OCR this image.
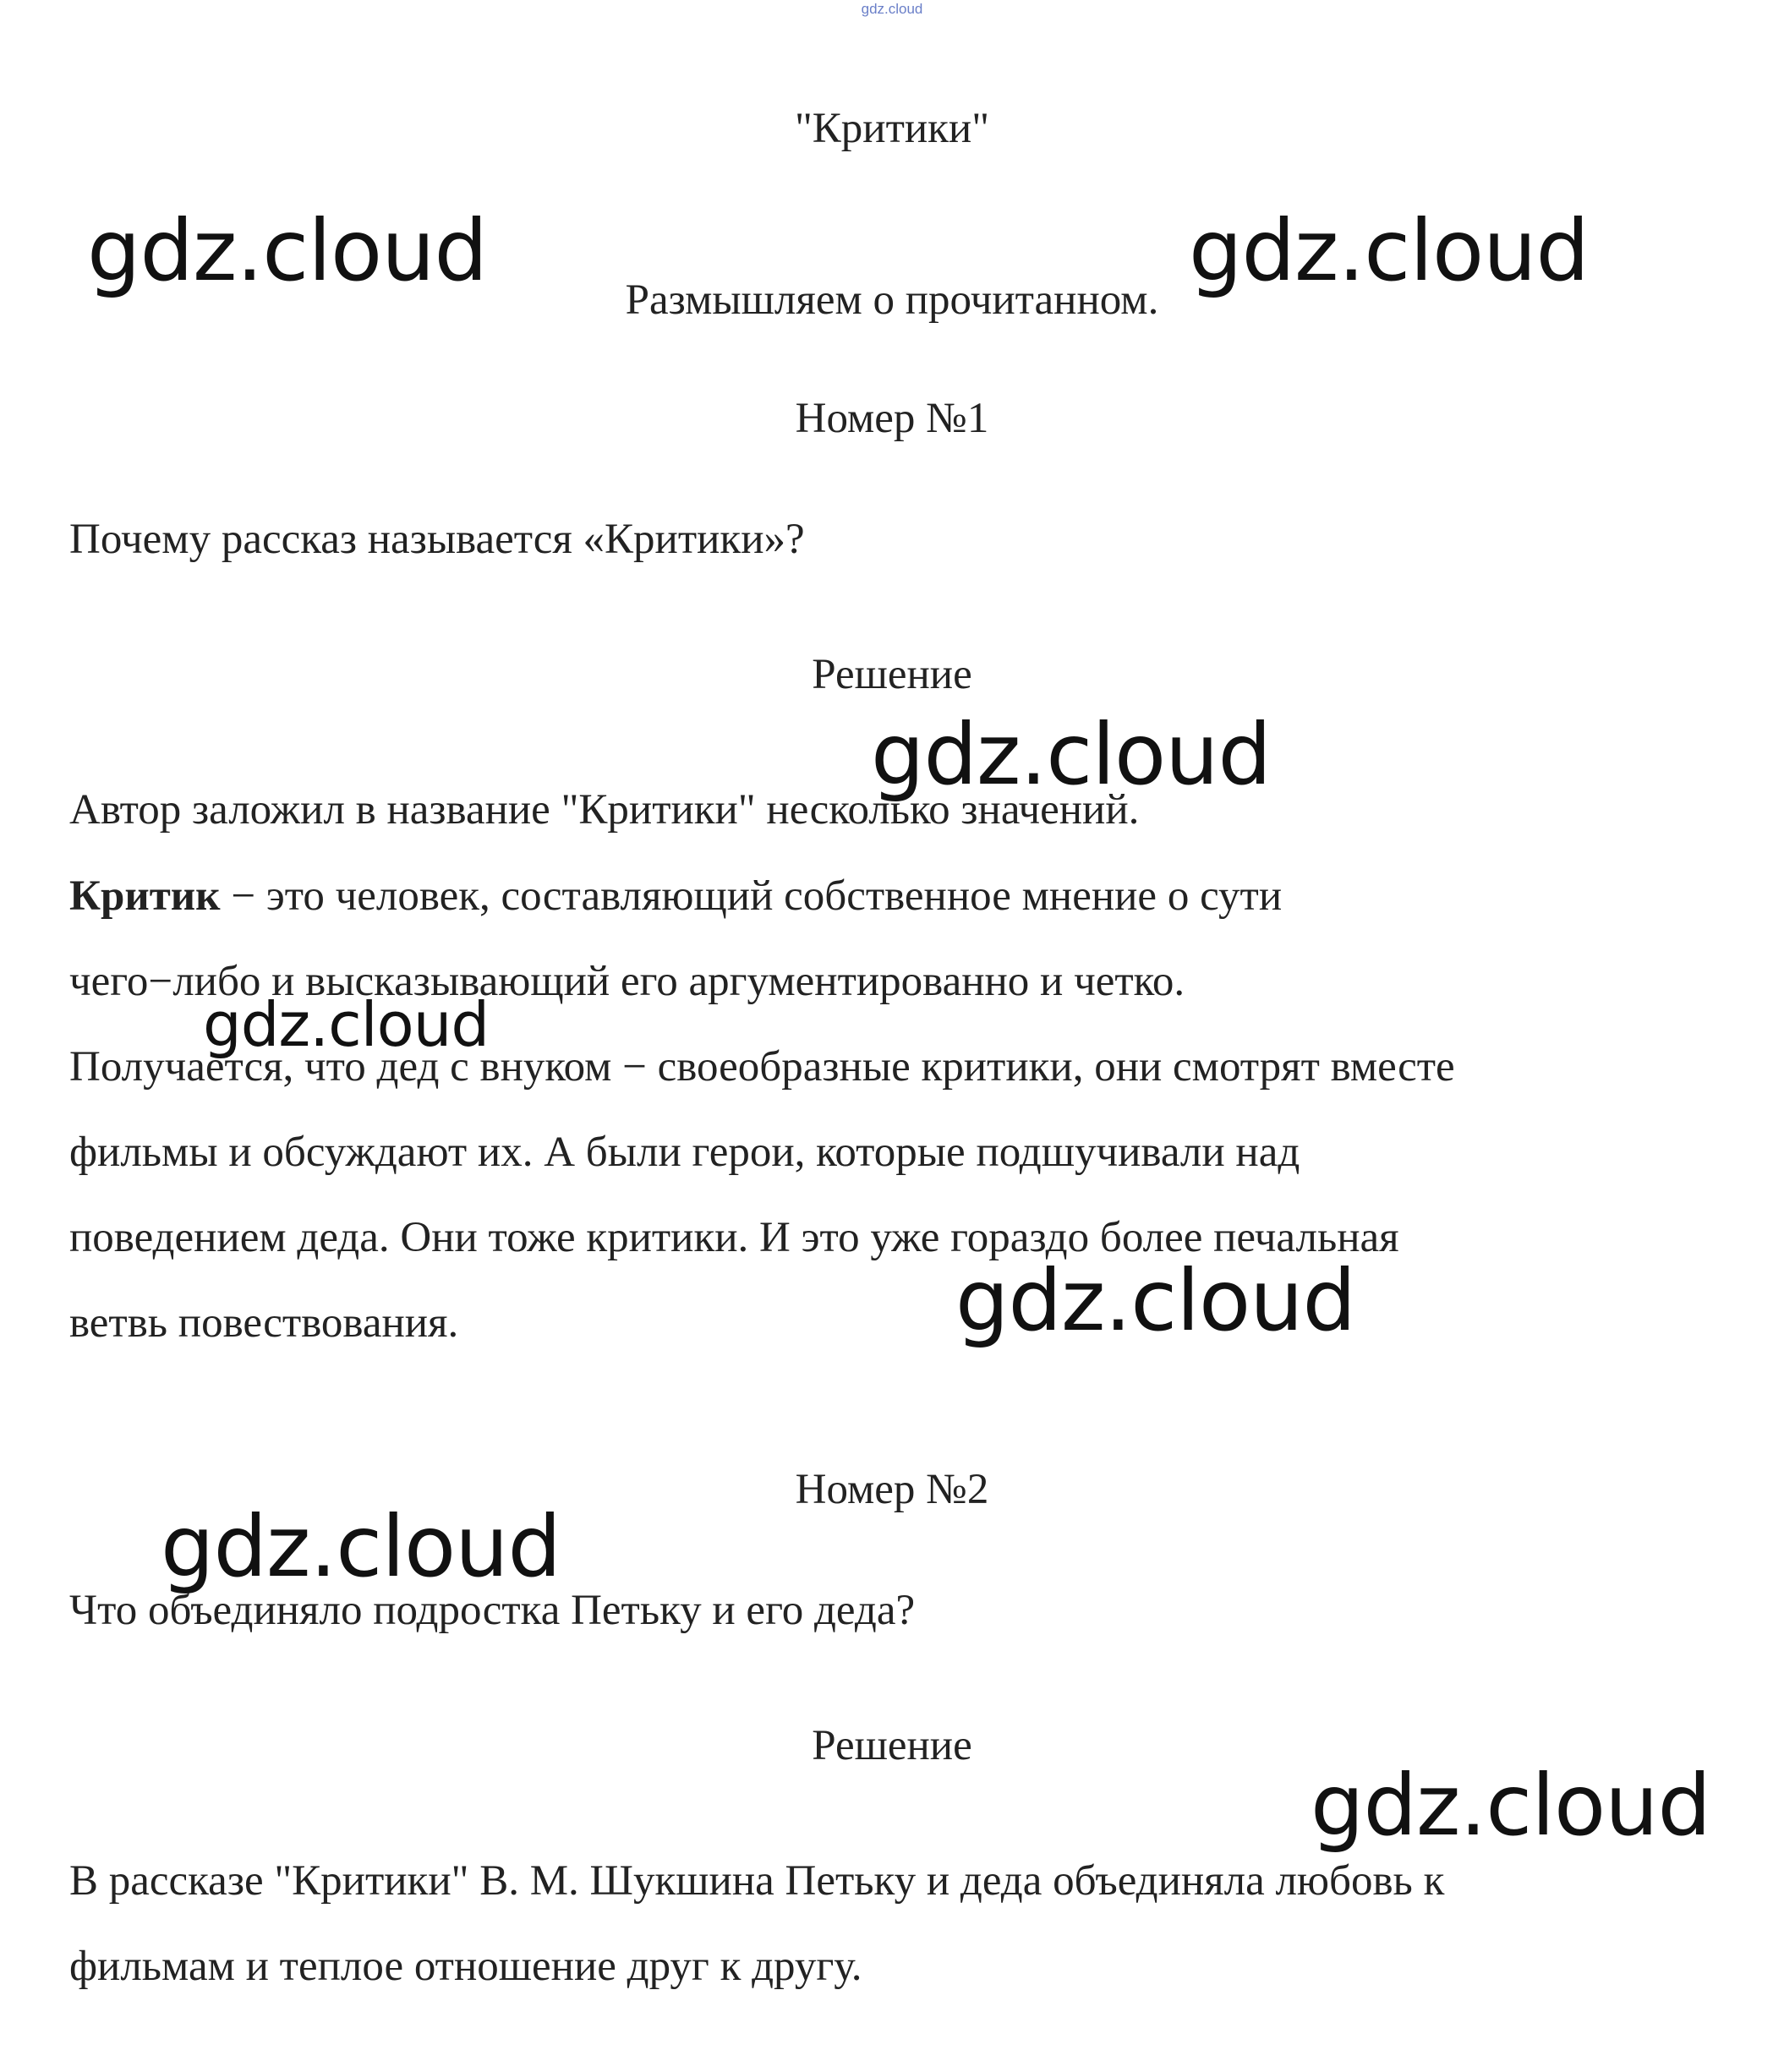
gdz.cloud
"Критики"
Размышляем о прочитанном.
Номер №1
Почему рассказ называется «Критики»?
Решение
Автор заложил в название "Критики" несколько значений.
Критик − это человек, составляющий собственное мнение о сути
чего−либо и высказывающий его аргументированно и четко.
Получается, что дед с внуком − своеобразные критики, они смотрят вместе
фильмы и обсуждают их. А были герои, которые подшучивали над
поведением деда. Они тоже критики. И это уже гораздо более печальная
ветвь повествования.
Номер №2
Что объединяло подростка Петьку и его деда?
Решение
В рассказе "Критики" В. М. Шукшина Петьку и деда объединяла любовь к
фильмам и теплое отношение друг к другу.
gdz.cloud	gdz.cloud
gdz.cloud
gdz.cloud
gdz.cloud
gdz.cloud
gdz.cloud
